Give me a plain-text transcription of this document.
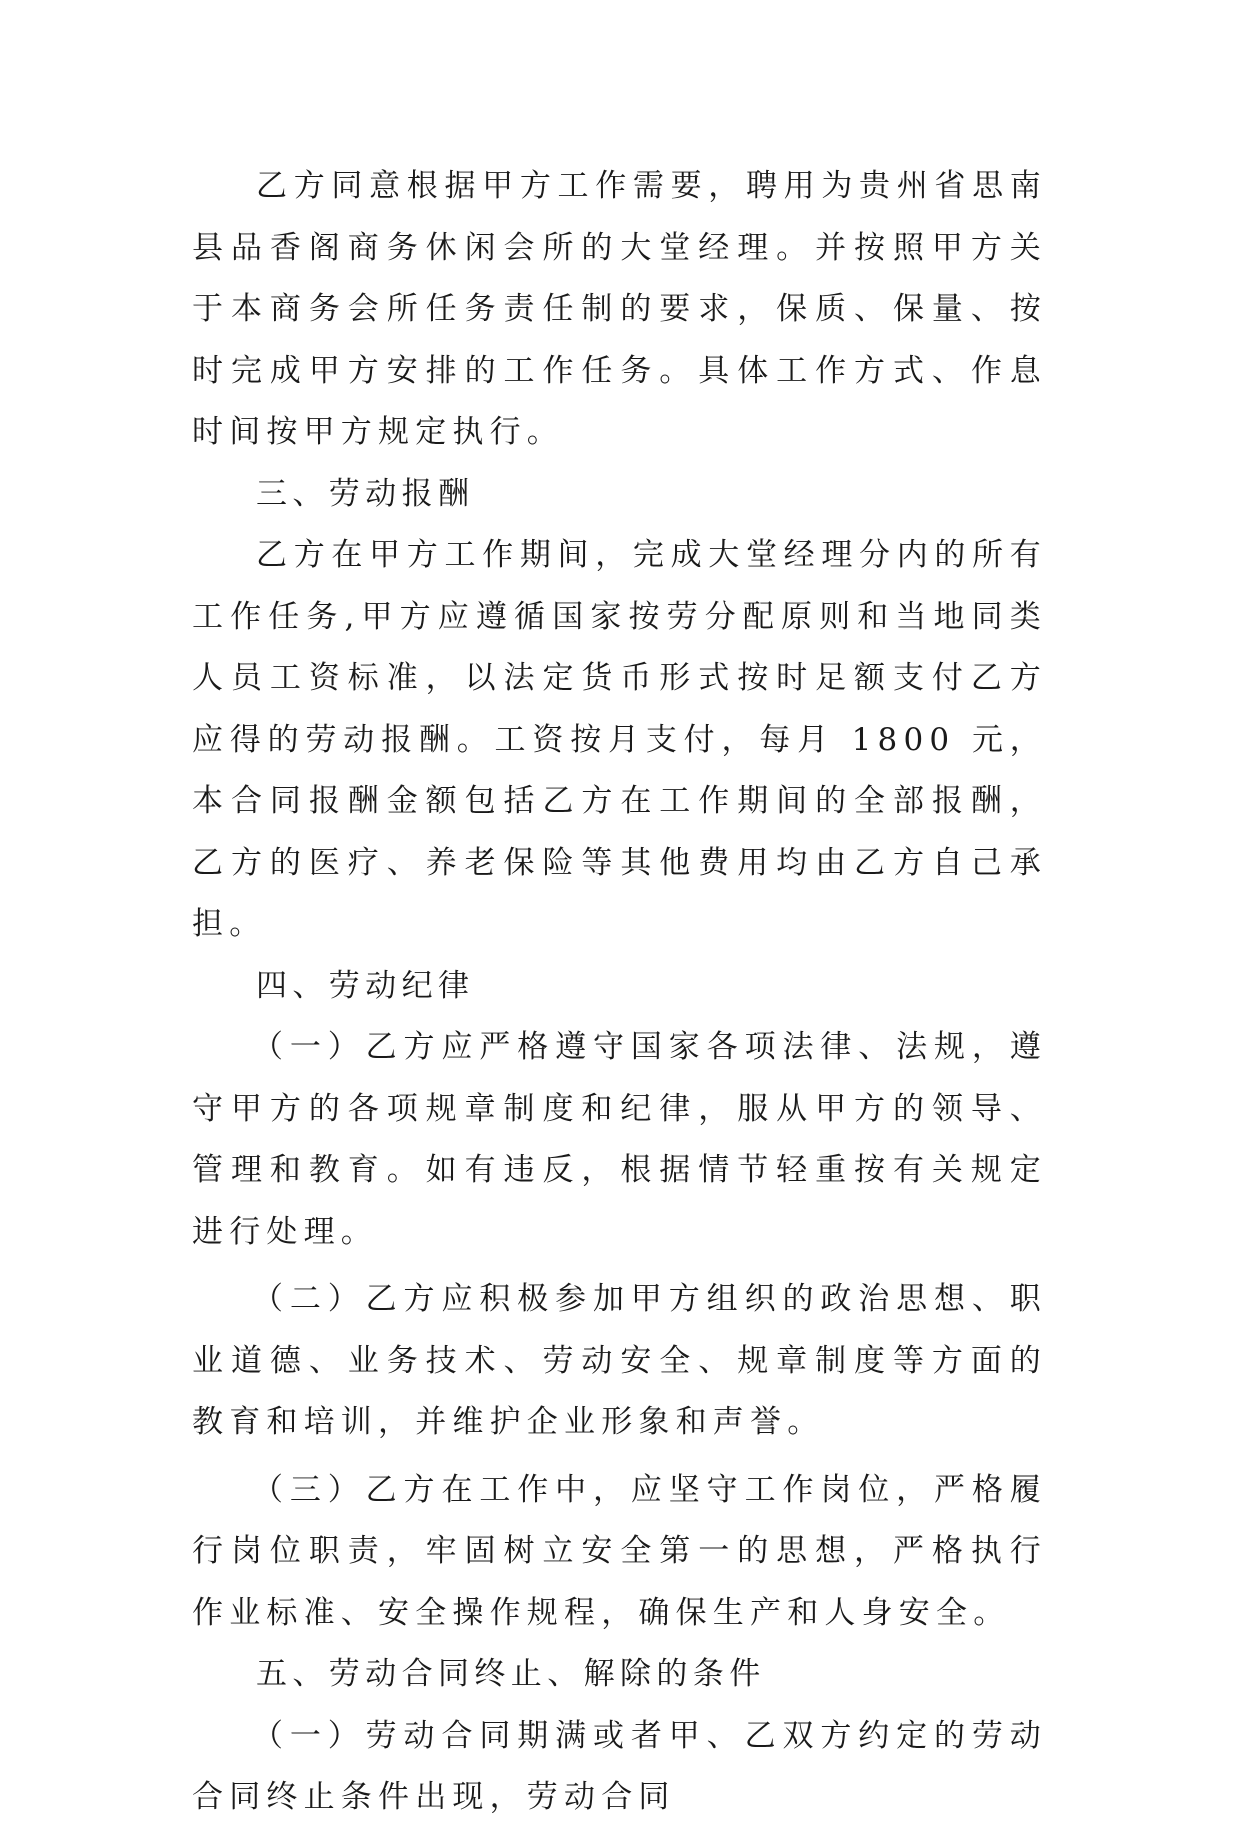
乙方同意根据甲方工作需要，聘用为贵州省思南县品香阁商务休闲会所的大堂经理。并按照甲方关于本商务会所任务责任制的要求，保质、保量、按时完成甲方安排的工作任务。具体工作方式、作息时间按甲方规定执行。

三、劳动报酬

乙方在甲方工作期间，完成大堂经理分内的所有工作任务,甲方应遵循国家按劳分配原则和当地同类人员工资标准，以法定货币形式按时足额支付乙方应得的劳动报酬。工资按月支付，每月 1800 元，本合同报酬金额包括乙方在工作期间的全部报酬，乙方的医疗、养老保险等其他费用均由乙方自己承担。

四、劳动纪律

（一）乙方应严格遵守国家各项法律、法规，遵守甲方的各项规章制度和纪律，服从甲方的领导、管理和教育。如有违反，根据情节轻重按有关规定进行处理。

（二）乙方应积极参加甲方组织的政治思想、职业道德、业务技术、劳动安全、规章制度等方面的教育和培训，并维护企业形象和声誉。

（三）乙方在工作中，应坚守工作岗位，严格履行岗位职责，牢固树立安全第一的思想，严格执行作业标准、安全操作规程，确保生产和人身安全。

五、劳动合同终止、解除的条件

（一）劳动合同期满或者甲、乙双方约定的劳动合同终止条件出现，劳动合同
